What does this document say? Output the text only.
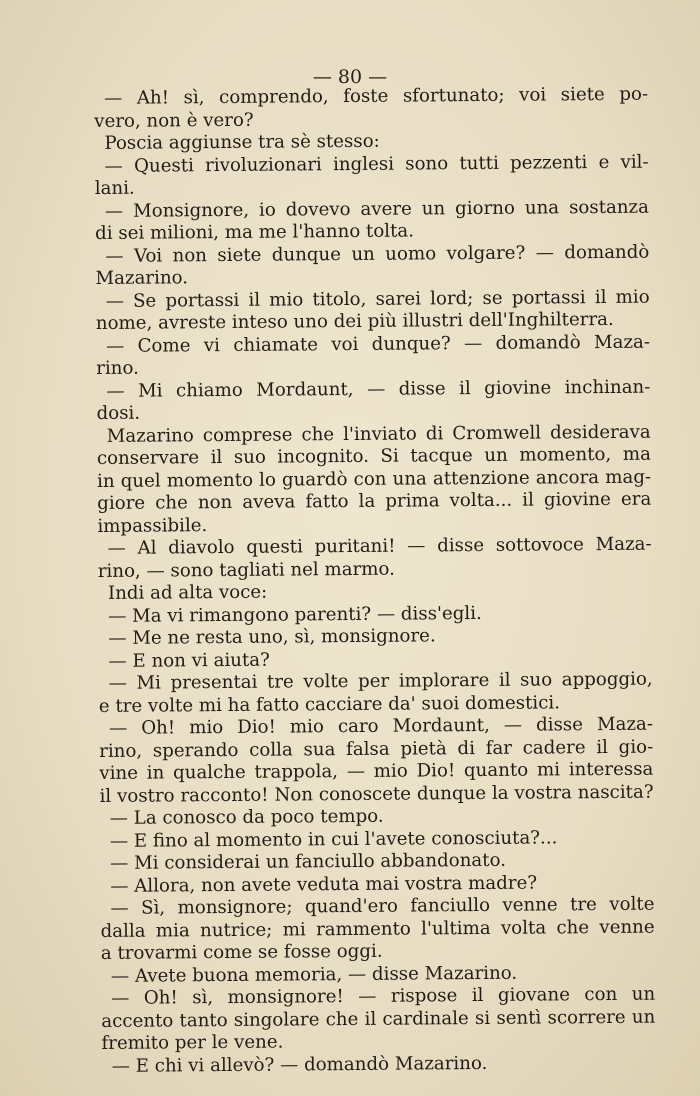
— 80 —
— Ah! sì, comprendo, foste sfortunato; voi siete po-
vero, non è vero?
Poscia aggiunse tra sè stesso:
— Questi rivoluzionari inglesi sono tutti pezzenti e vil-
lani.
— Monsignore, io dovevo avere un giorno una sostanza
di sei milioni, ma me l'hanno tolta.
— Voi non siete dunque un uomo volgare? — domandò
Mazarino.
— Se portassi il mio titolo, sarei lord; se portassi il mio
nome, avreste inteso uno dei più illustri dell'Inghilterra.
— Come vi chiamate voi dunque? — domandò Maza-
rino.
— Mi chiamo Mordaunt, — disse il giovine inchinan-
dosi.
Mazarino comprese che l'inviato di Cromwell desiderava
conservare il suo incognito. Si tacque un momento, ma
in quel momento lo guardò con una attenzione ancora mag-
giore che non aveva fatto la prima volta... il giovine era
impassibile.
— Al diavolo questi puritani! — disse sottovoce Maza-
rino, — sono tagliati nel marmo.
Indi ad alta voce:
— Ma vi rimangono parenti? — diss'egli.
— Me ne resta uno, sì, monsignore.
— E non vi aiuta?
— Mi presentai tre volte per implorare il suo appoggio,
e tre volte mi ha fatto cacciare da' suoi domestici.
— Oh! mio Dio! mio caro Mordaunt, — disse Maza-
rino, sperando colla sua falsa pietà di far cadere il gio-
vine in qualche trappola, — mio Dio! quanto mi interessa
il vostro racconto! Non conoscete dunque la vostra nascita?
— La conosco da poco tempo.
— E fino al momento in cui l'avete conosciuta?...
— Mi considerai un fanciullo abbandonato.
— Allora, non avete veduta mai vostra madre?
— Sì, monsignore; quand'ero fanciullo venne tre volte
dalla mia nutrice; mi rammento l'ultima volta che venne
a trovarmi come se fosse oggi.
— Avete buona memoria, — disse Mazarino.
— Oh! sì, monsignore! — rispose il giovane con un
accento tanto singolare che il cardinale si sentì scorrere un
fremito per le vene.
— E chi vi allevò? — domandò Mazarino.
